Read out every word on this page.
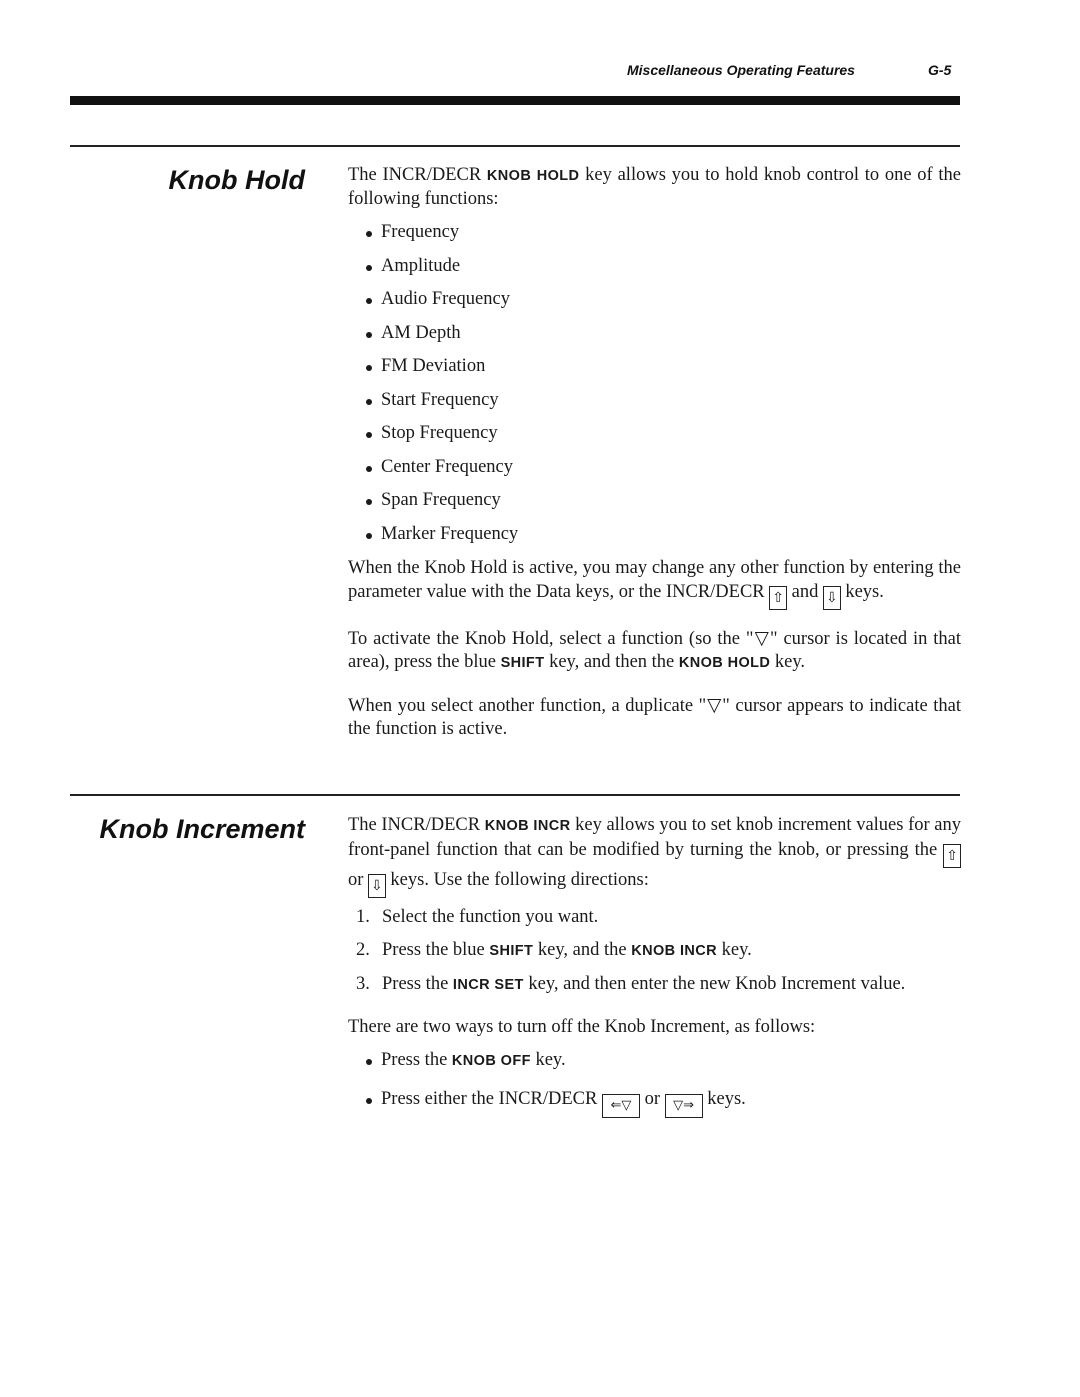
Miscellaneous Operating Features	G-5
Knob Hold The INCR/DECR KNOB HOLD key allows you to hold knob control to one of the following functions:

Frequency
Amplitude
Audio Frequency
AM Depth
FM Deviation
Start Frequency
Stop Frequency
Center Frequency
Span Frequency
Marker Frequency

When the Knob Hold is active, you may change any other function by entering the parameter value with the Data keys, or the INCR/DECR ⇧ and ⇩ keys.

To activate the Knob Hold, select a function (so the "▽" cursor is located in that area), press the blue SHIFT key, and then the KNOB HOLD key.

When you select another function, a duplicate "▽" cursor appears to indicate that the function is active.

Knob Increment The INCR/DECR KNOB INCR key allows you to set knob increment values for any front-panel function that can be modified by turning the knob, or pressing the ⇧ or ⇩ keys. Use the following directions:

1. Select the function you want.
2. Press the blue SHIFT key, and the KNOB INCR key.
3. Press the INCR SET key, and then enter the new Knob Increment value.

There are two ways to turn off the Knob Increment, as follows:

Press the KNOB OFF key.
Press either the INCR/DECR ⇐▽ or ▽⇒ keys.
